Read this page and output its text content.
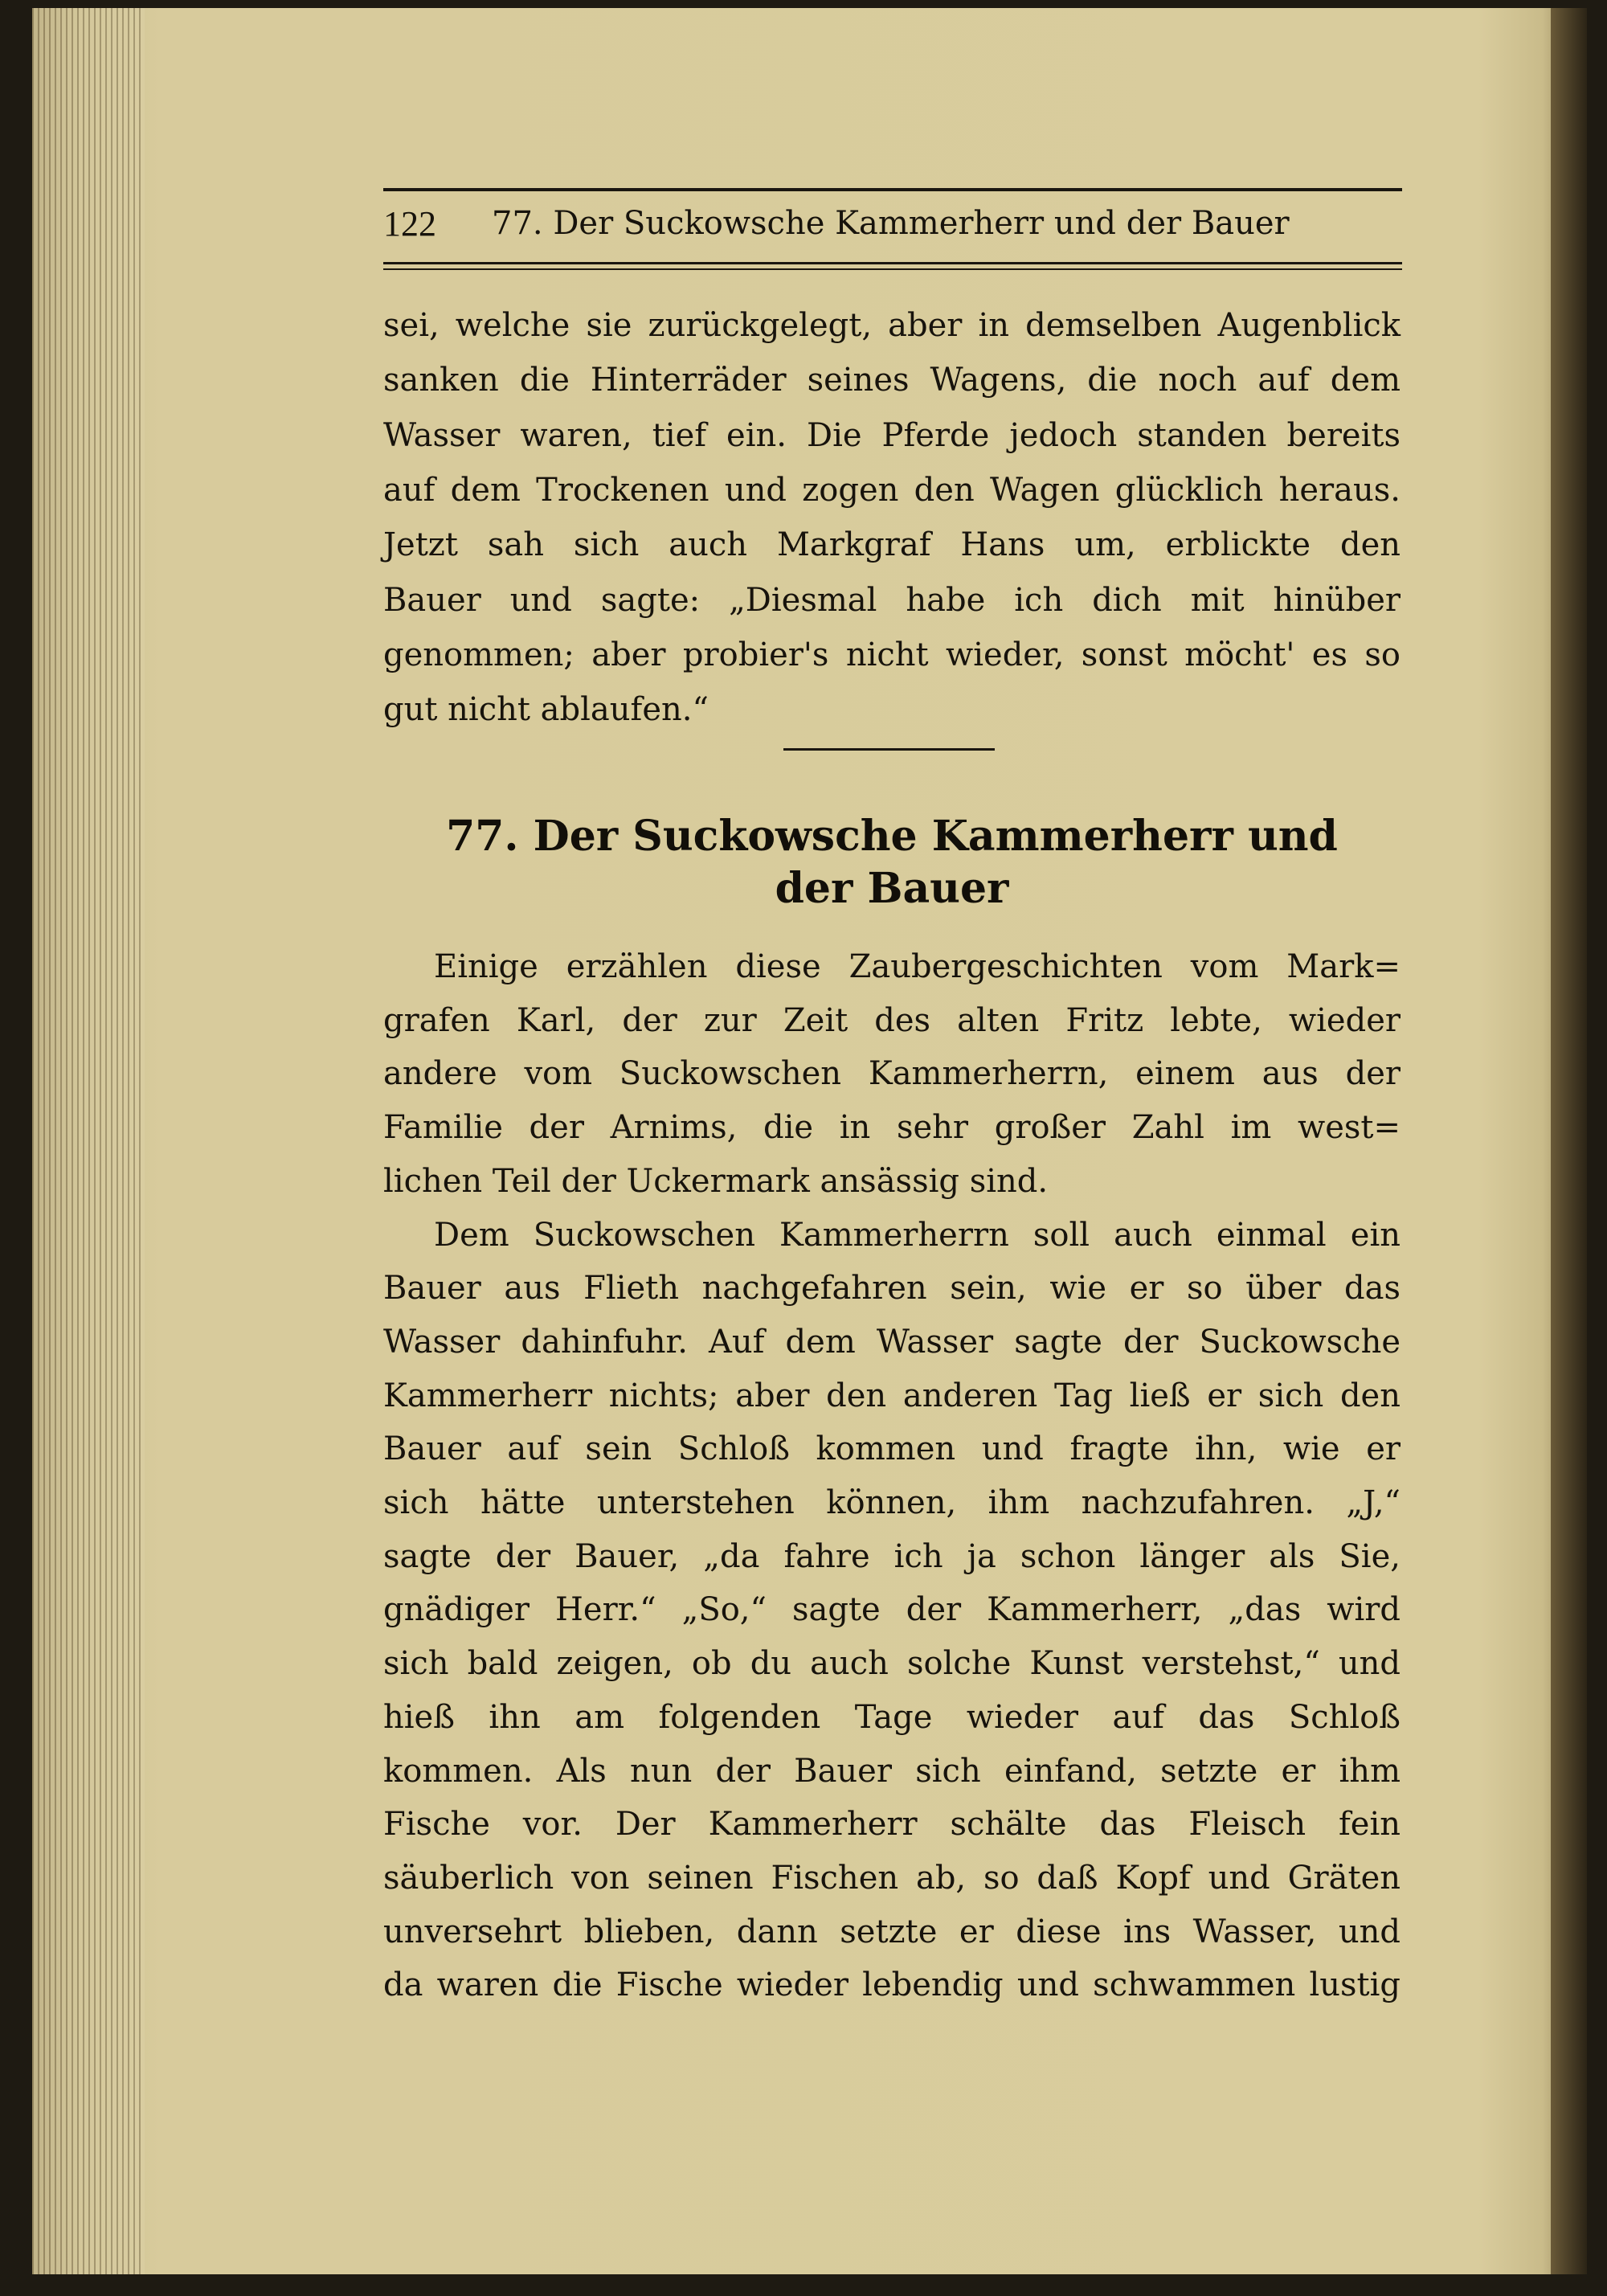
122 77. Der Suckowsche Kammerherr und der Bauer
sei, welche sie zurückgelegt, aber in demselben Augenblick
sanken die Hinterräder seines Wagens, die noch auf dem
Wasser waren, tief ein. Die Pferde jedoch standen bereits
auf dem Trockenen und zogen den Wagen glücklich heraus.
Jetzt sah sich auch Markgraf Hans um, erblickte den
Bauer und sagte: „Diesmal habe ich dich mit hinüber
genommen; aber probier's nicht wieder, sonst möcht' es so
gut nicht ablaufen.“
77. Der Suckowsche Kammerherr und
der Bauer
Einige erzählen diese Zaubergeschichten vom Mark=
grafen Karl, der zur Zeit des alten Fritz lebte, wieder
andere vom Suckowschen Kammerherrn, einem aus der
Familie der Arnims, die in sehr großer Zahl im west=
lichen Teil der Uckermark ansässig sind.
Dem Suckowschen Kammerherrn soll auch einmal ein
Bauer aus Flieth nachgefahren sein, wie er so über das
Wasser dahinfuhr. Auf dem Wasser sagte der Suckowsche
Kammerherr nichts; aber den anderen Tag ließ er sich den
Bauer auf sein Schloß kommen und fragte ihn, wie er
sich hätte unterstehen können, ihm nachzufahren. „J,“
sagte der Bauer, „da fahre ich ja schon länger als Sie,
gnädiger Herr.“ „So,“ sagte der Kammerherr, „das wird
sich bald zeigen, ob du auch solche Kunst verstehst,“ und
hieß ihn am folgenden Tage wieder auf das Schloß
kommen. Als nun der Bauer sich einfand, setzte er ihm
Fische vor. Der Kammerherr schälte das Fleisch fein
säuberlich von seinen Fischen ab, so daß Kopf und Gräten
unversehrt blieben, dann setzte er diese ins Wasser, und
da waren die Fische wieder lebendig und schwammen lustig
